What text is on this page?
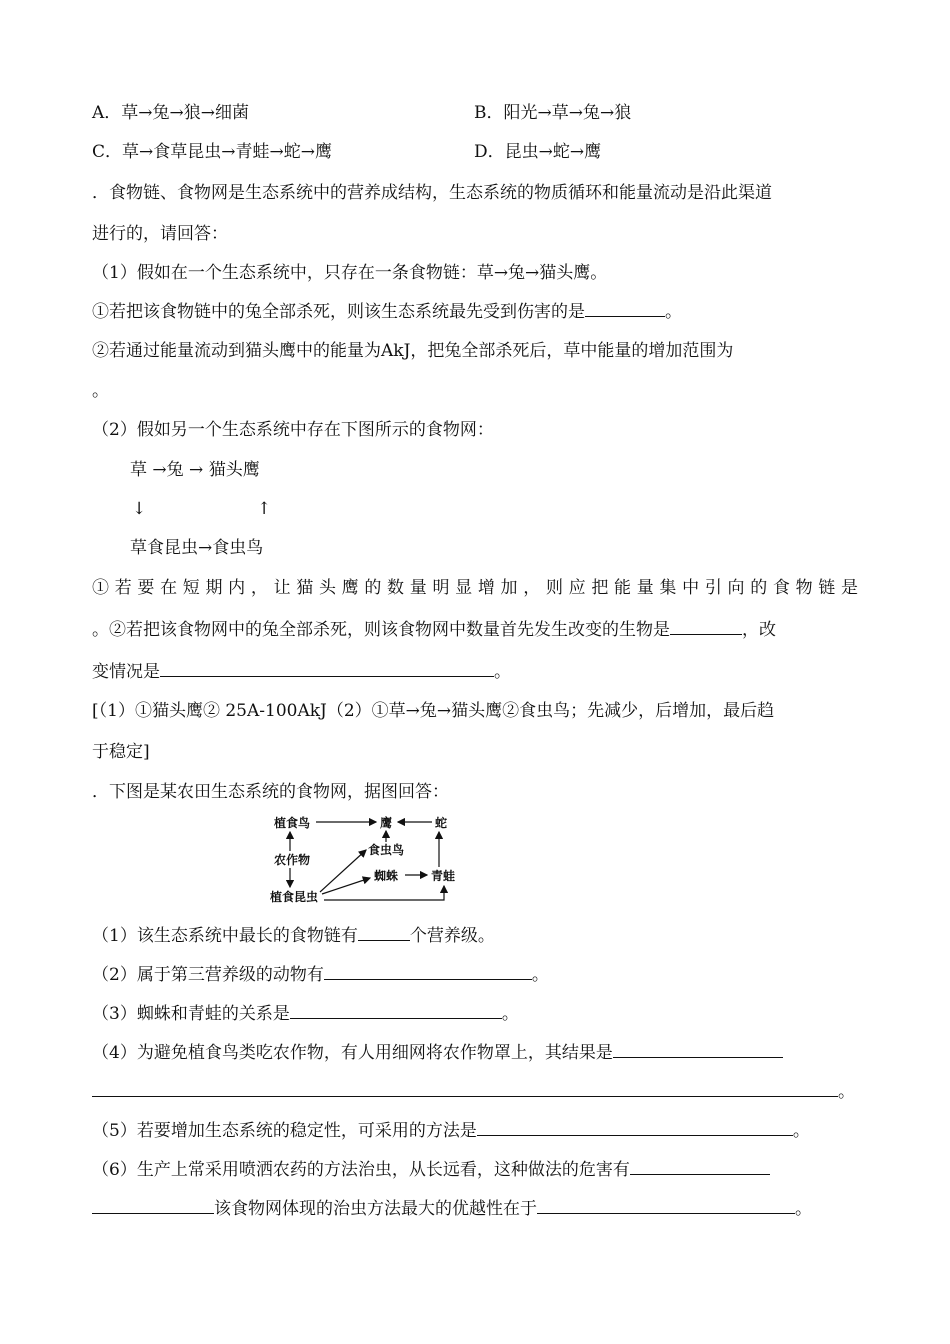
A．草→兔→狼→细菌	B．阳光→草→兔→狼
C．草→食草昆虫→青蛙→蛇→鹰	D．昆虫→蛇→鹰
．食物链、食物网是生态系统中的营养成结构，生态系统的物质循环和能量流动是沿此渠道
进行的，请回答：
（1）假如在一个生态系统中，只存在一条食物链：草→兔→猫头鹰。
①若把该食物链中的兔全部杀死，则该生态系统最先受到伤害的是	。
②若通过能量流动到猫头鹰中的能量为AkJ，把兔全部杀死后，草中能量的增加范围为
。
（2）假如另一个生态系统中存在下图所示的食物网：
草 →兔 → 猫头鹰
↓	↑
草食昆虫→食虫鸟
①若要在短期内，让猫头鹰的数量明显增加，则应把能量集中引向的食物链是
。②若把该食物网中的兔全部杀死，则该食物网中数量首先发生改变的生物是	，改
变情况是	。
[（1）①猫头鹰② 25A-100AkJ（2）①草→兔→猫头鹰②食虫鸟；先减少，后增加，最后趋
于稳定]
．下图是某农田生态系统的食物网，据图回答：
植食鸟	鹰	蛇
农作物
食虫鸟
蜘蛛	青蛙
植食昆虫
（1）该生态系统中最长的食物链有	个营养级。
（2）属于第三营养级的动物有	。
（3）蜘蛛和青蛙的关系是	。
（4）为避免植食鸟类吃农作物，有人用细网将农作物罩上，其结果是
。
（5）若要增加生态系统的稳定性，可采用的方法是	。
（6）生产上常采用喷洒农药的方法治虫，从长远看，这种做法的危害有
该食物网体现的治虫方法最大的优越性在于	。
